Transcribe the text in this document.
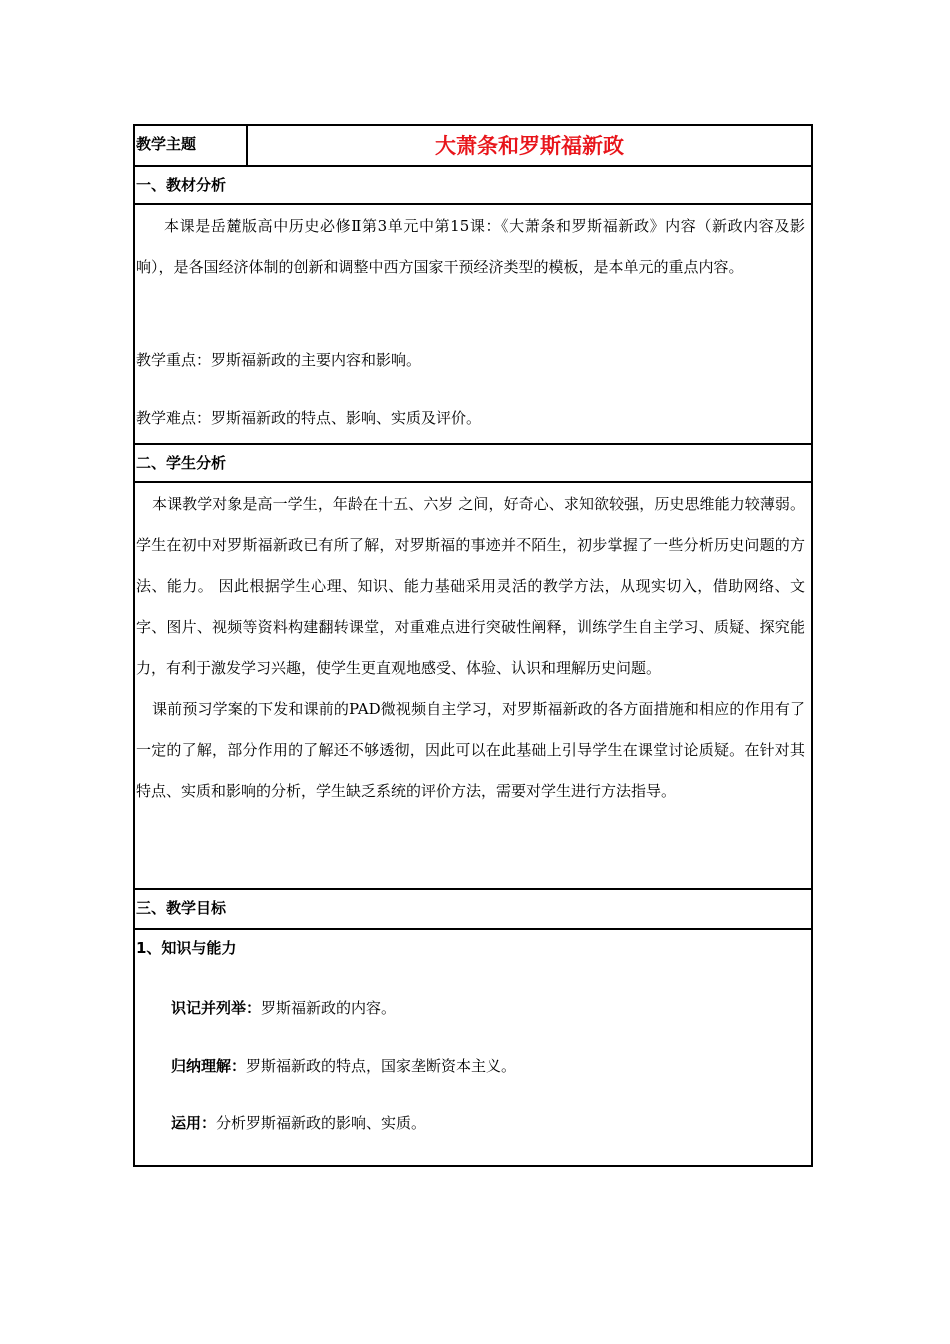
教学主题	大萧条和罗斯福新政
一、教材分析
本课是岳麓版高中历史必修Ⅱ第3单元中第15课：《大萧条和罗斯福新政》内容（新政内容及影响），是各国经济体制的创新和调整中西方国家干预经济类型的模板，是本单元的重点内容。
教学重点：罗斯福新政的主要内容和影响。
教学难点：罗斯福新政的特点、影响、实质及评价。
二、学生分析
本课教学对象是高一学生，年龄在十五、六岁 之间，好奇心、求知欲较强，历史思维能力较薄弱。学生在初中对罗斯福新政已有所了解，对罗斯福的事迹并不陌生，初步掌握了一些分析历史问题的方法、能力。 因此根据学生心理、知识、能力基础采用灵活的教学方法，从现实切入，借助网络、文字、图片、视频等资料构建翻转课堂，对重难点进行突破性阐释，训练学生自主学习、质疑、探究能力，有利于激发学习兴趣，使学生更直观地感受、体验、认识和理解历史问题。
课前预习学案的下发和课前的PAD微视频自主学习，对罗斯福新政的各方面措施和相应的作用有了一定的了解，部分作用的了解还不够透彻，因此可以在此基础上引导学生在课堂讨论质疑。在针对其特点、实质和影响的分析，学生缺乏系统的评价方法，需要对学生进行方法指导。
三、教学目标
1、知识与能力
识记并列举：罗斯福新政的内容。
归纳理解：罗斯福新政的特点，国家垄断资本主义。
运用：分析罗斯福新政的影响、实质。
